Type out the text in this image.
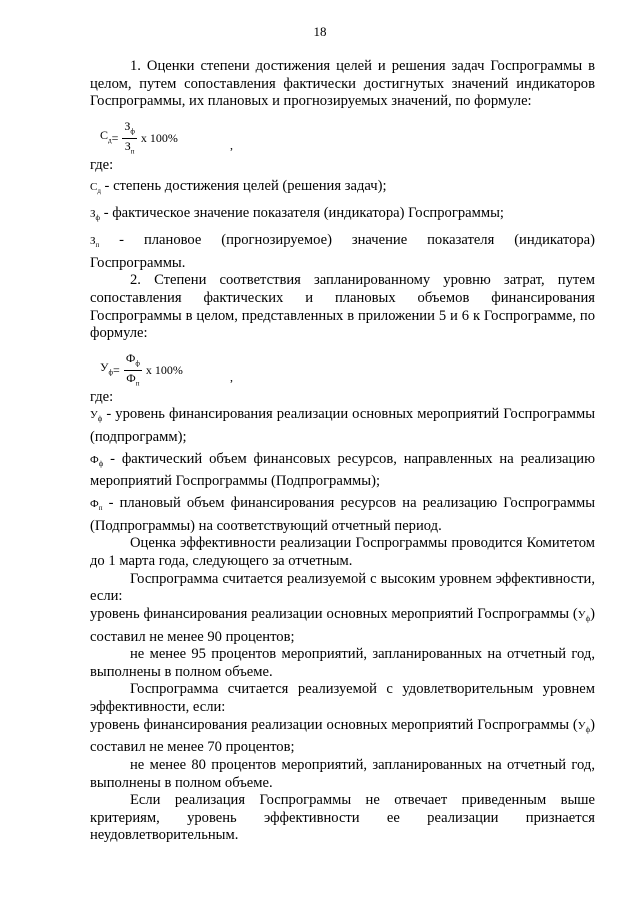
18

1. Оценки степени достижения целей и решения задач Госпрограммы в целом, путем сопоставления фактически достигнутых значений индикаторов Госпрограммы, их плановых и прогнозируемых значений, по формуле:

$С_д = \frac{З_ф}{З_п}$ х 100%	,

где:

$С_д$ - степень достижения целей (решения задач);

$З_ф$ - фактическое значение показателя (индикатора) Госпрограммы;

$З_п$ - плановое (прогнозируемое) значение показателя (индикатора) Госпрограммы.

2. Степени соответствия запланированному уровню затрат, путем сопоставления фактических и плановых объемов финансирования Госпрограммы в целом, представленных в приложении 5 и 6 к Госпрограмме, по формуле:

$У_ф = \frac{Ф_ф}{Ф_п}$ х 100%	,

где:

$У_ф$ - уровень финансирования реализации основных мероприятий Госпрограммы (подпрограмм);

$Ф_ф$ - фактический объем финансовых ресурсов, направленных на реализацию мероприятий Госпрограммы (Подпрограммы);

$Ф_п$ - плановый объем финансирования ресурсов на реализацию Госпрограммы (Подпрограммы) на соответствующий отчетный период.

Оценка эффективности реализации Госпрограммы проводится Комитетом до 1 марта года, следующего за отчетным.

Госпрограмма считается реализуемой с высоким уровнем эффективности, если:

уровень финансирования реализации основных мероприятий Госпрограммы $(У_ф)$ составил не менее 90 процентов;

не менее 95 процентов мероприятий, запланированных на отчетный год, выполнены в полном объеме.

Госпрограмма считается реализуемой с удовлетворительным уровнем эффективности, если:

уровень финансирования реализации основных мероприятий Госпрограммы $(У_ф)$ составил не менее 70 процентов;

не менее 80 процентов мероприятий, запланированных на отчетный год, выполнены в полном объеме.

Если реализация Госпрограммы не отвечает приведенным выше критериям, уровень эффективности ее реализации признается неудовлетворительным.
